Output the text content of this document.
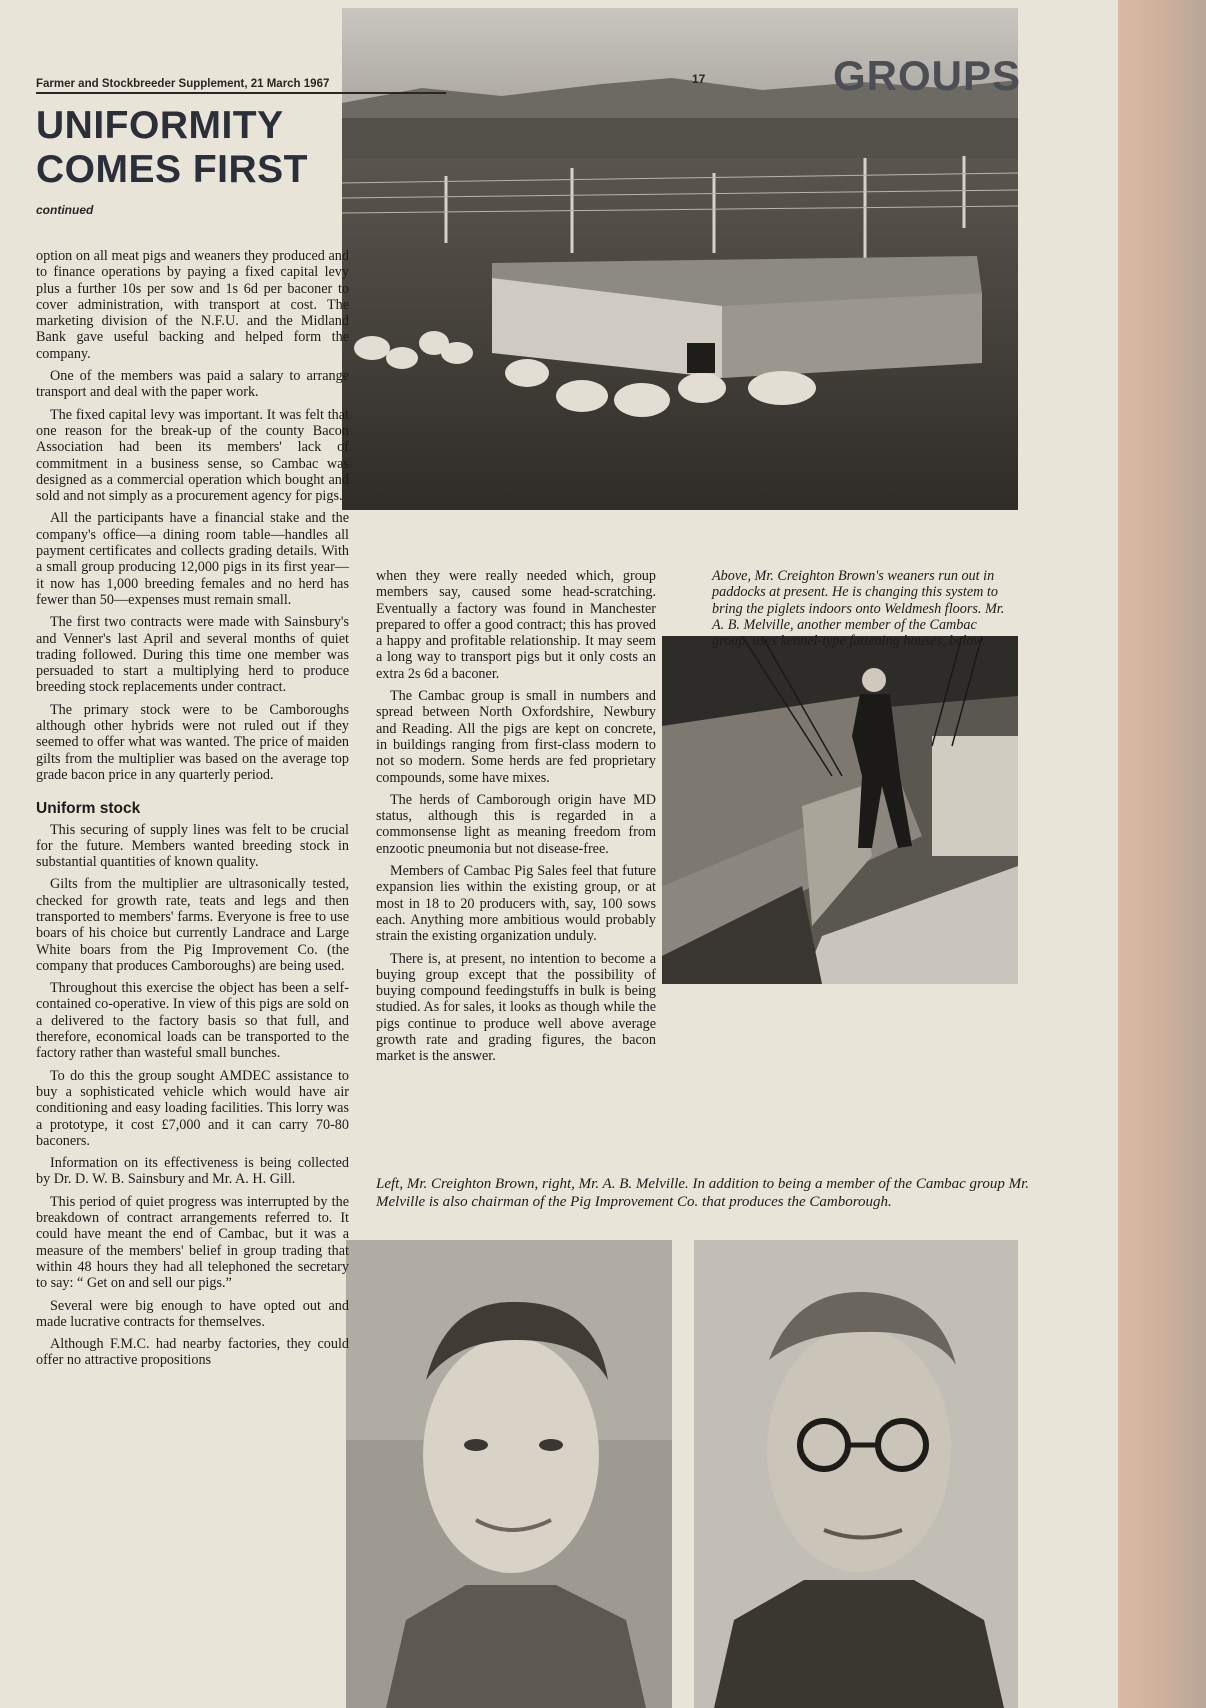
Farmer and Stockbreeder Supplement, 21 March 1967	17	GROUPS
UNIFORMITY
COMES FIRST
continued

option on all meat pigs and weaners they produced and to finance operations by paying a fixed capital levy plus a further 10s per sow and 1s 6d per baconer to cover administration, with transport at cost. The marketing division of the N.F.U. and the Midland Bank gave useful backing and helped form the company.

One of the members was paid a salary to arrange transport and deal with the paper work.

The fixed capital levy was important. It was felt that one reason for the break-up of the county Bacon Association had been its members' lack of commitment in a business sense, so Cambac was designed as a commercial operation which bought and sold and not simply as a procurement agency for pigs.

All the participants have a financial stake and the company's office—a dining room table—handles all payment certificates and collects grading details. With a small group producing 12,000 pigs in its first year—it now has 1,000 breeding females and no herd has fewer than 50—expenses must remain small.

The first two contracts were made with Sainsbury's and Venner's last April and several months of quiet trading followed. During this time one member was persuaded to start a multiplying herd to produce breeding stock replacements under contract.

The primary stock were to be Camboroughs although other hybrids were not ruled out if they seemed to offer what was wanted. The price of maiden gilts from the multiplier was based on the average top grade bacon price in any quarterly period.

Uniform stock

This securing of supply lines was felt to be crucial for the future. Members wanted breeding stock in substantial quantities of known quality.

Gilts from the multiplier are ultrasonically tested, checked for growth rate, teats and legs and then transported to members' farms. Everyone is free to use boars of his choice but currently Landrace and Large White boars from the Pig Improvement Co. (the company that produces Camboroughs) are being used.

Throughout this exercise the object has been a self-contained co-operative. In view of this pigs are sold on a delivered to the factory basis so that full, and therefore, economical loads can be transported to the factory rather than wasteful small bunches.

To do this the group sought AMDEC assistance to buy a sophisticated vehicle which would have air conditioning and easy loading facilities. This lorry was a prototype, it cost £7,000 and it can carry 70-80 baconers.

Information on its effectiveness is being collected by Dr. D. W. B. Sainsbury and Mr. A. H. Gill.

This period of quiet progress was interrupted by the breakdown of contract arrangements referred to. It could have meant the end of Cambac, but it was a measure of the members' belief in group trading that within 48 hours they had all telephoned the secretary to say: “ Get on and sell our pigs.”

Several were big enough to have opted out and made lucrative contracts for themselves.

Although F.M.C. had nearby factories, they could offer no attractive propositions

when they were really needed which, group members say, caused some head-scratching. Eventually a factory was found in Manchester prepared to offer a good contract; this has proved a happy and profitable relationship. It may seem a long way to transport pigs but it only costs an extra 2s 6d a baconer.

The Cambac group is small in numbers and spread between North Oxfordshire, Newbury and Reading. All the pigs are kept on concrete, in buildings ranging from first-class modern to not so modern. Some herds are fed proprietary compounds, some have mixes.

The herds of Camborough origin have MD status, although this is regarded in a commonsense light as meaning freedom from enzootic pneumonia but not disease-free.

Members of Cambac Pig Sales feel that future expansion lies within the existing group, or at most in 18 to 20 producers with, say, 100 sows each. Anything more ambitious would probably strain the existing organization unduly.

There is, at present, no intention to become a buying group except that the possibility of buying compound feedingstuffs in bulk is being studied. As for sales, it looks as though while the pigs continue to produce well above average growth rate and grading figures, the bacon market is the answer.

Above, Mr. Creighton Brown's weaners run out in paddocks at present. He is changing this system to bring the piglets indoors onto Weldmesh floors. Mr. A. B. Melville, another member of the Cambac group, uses kennel-type fattening houses, below.
Left, Mr. Creighton Brown, right, Mr. A. B. Melville. In addition to being a member of the Cambac group Mr. Melville is also chairman of the Pig Improvement Co. that produces the Camborough.
